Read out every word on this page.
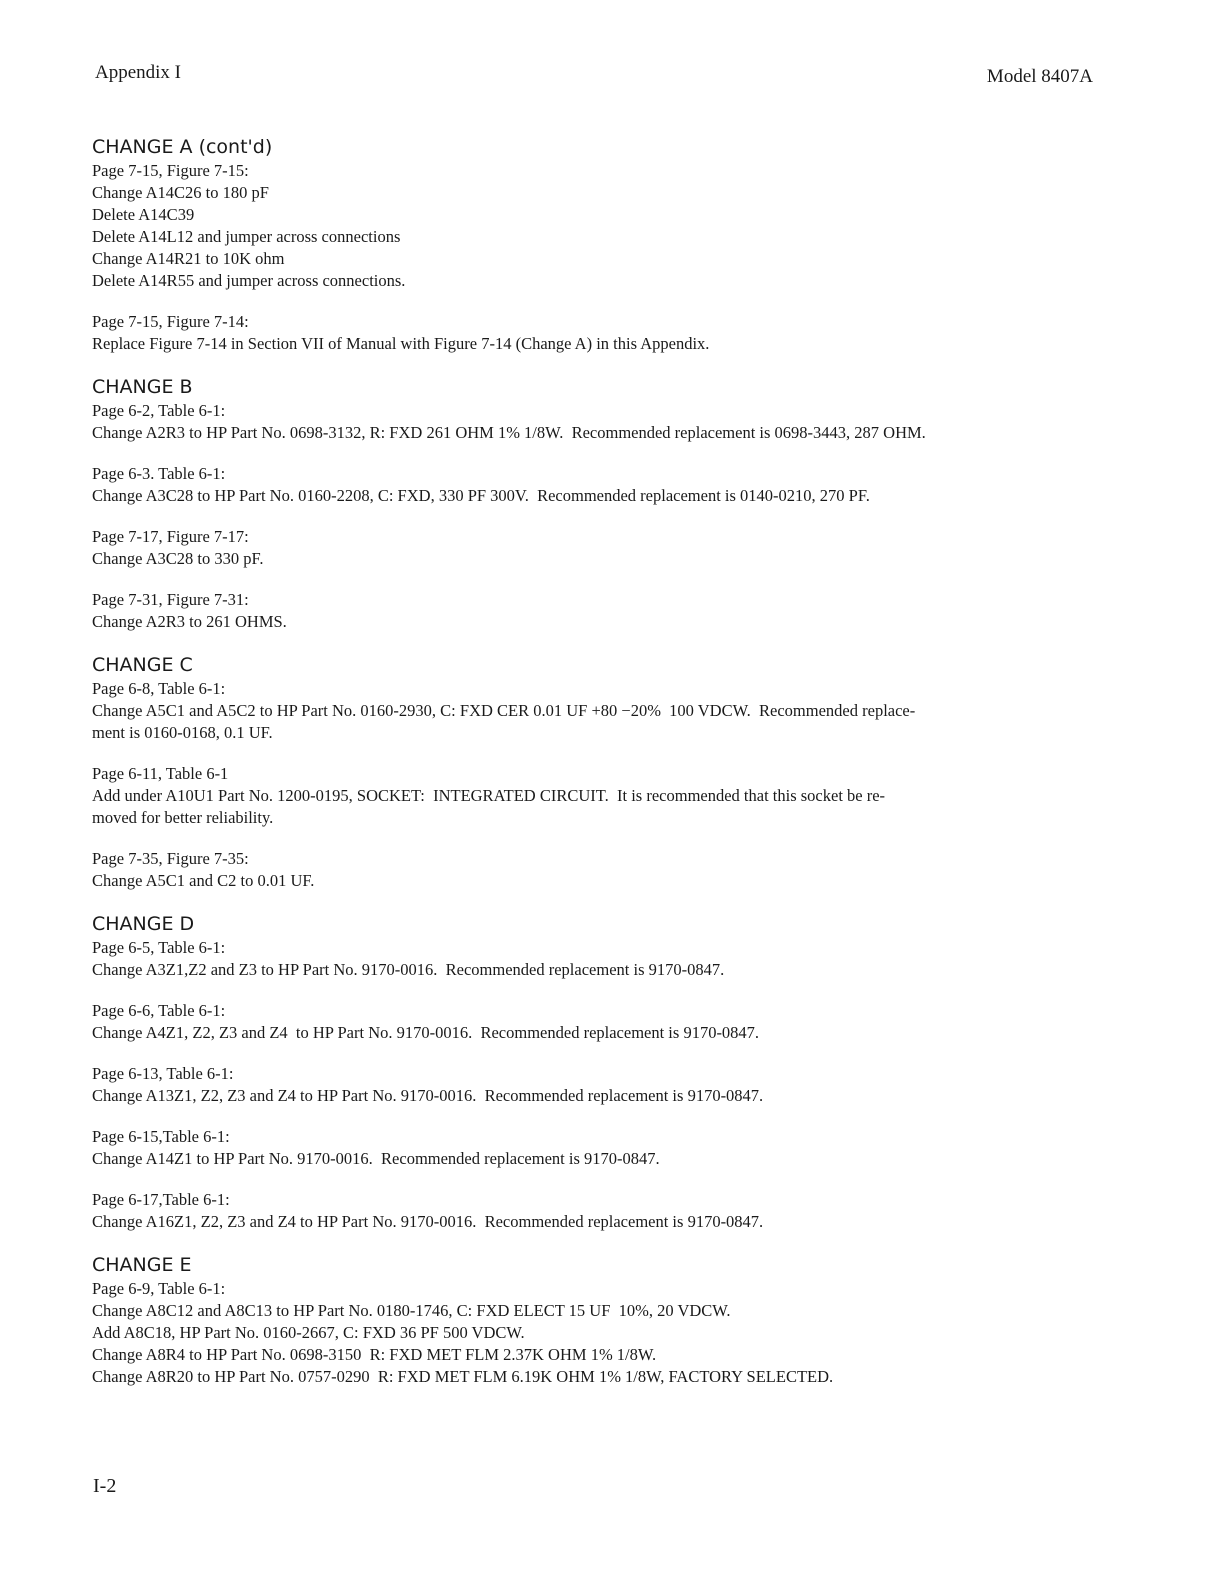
Appendix I	Model 8407A
CHANGE A (cont'd)

Page 7-15, Figure 7-15:

Change A14C26 to 180 pF

Delete A14C39

Delete A14L12 and jumper across connections

Change A14R21 to 10K ohm

Delete A14R55 and jumper across connections.

Page 7-15, Figure 7-14:

Replace Figure 7-14 in Section VII of Manual with Figure 7-14 (Change A) in this Appendix.

CHANGE B

Page 6-2, Table 6-1:

Change A2R3 to HP Part No. 0698-3132, R: FXD 261 OHM 1% 1/8W.  Recommended replacement is 0698-3443, 287 OHM.

Page 6-3. Table 6-1:

Change A3C28 to HP Part No. 0160-2208, C: FXD, 330 PF 300V.  Recommended replacement is 0140-0210, 270 PF.

Page 7-17, Figure 7-17:

Change A3C28 to 330 pF.

Page 7-31, Figure 7-31:

Change A2R3 to 261 OHMS.

CHANGE C

Page 6-8, Table 6-1:

Change A5C1 and A5C2 to HP Part No. 0160-2930, C: FXD CER 0.01 UF +80 −20%  100 VDCW.  Recommended replace-

ment is 0160-0168, 0.1 UF.

Page 6-11, Table 6-1

Add under A10U1 Part No. 1200-0195, SOCKET:  INTEGRATED CIRCUIT.  It is recommended that this socket be re-

moved for better reliability.

Page 7-35, Figure 7-35:

Change A5C1 and C2 to 0.01 UF.

CHANGE D

Page 6-5, Table 6-1:

Change A3Z1,Z2 and Z3 to HP Part No. 9170-0016.  Recommended replacement is 9170-0847.

Page 6-6, Table 6-1:

Change A4Z1, Z2, Z3 and Z4  to HP Part No. 9170-0016.  Recommended replacement is 9170-0847.

Page 6-13, Table 6-1:

Change A13Z1, Z2, Z3 and Z4 to HP Part No. 9170-0016.  Recommended replacement is 9170-0847.

Page 6-15,Table 6-1:

Change A14Z1 to HP Part No. 9170-0016.  Recommended replacement is 9170-0847.

Page 6-17,Table 6-1:

Change A16Z1, Z2, Z3 and Z4 to HP Part No. 9170-0016.  Recommended replacement is 9170-0847.

CHANGE E

Page 6-9, Table 6-1:

Change A8C12 and A8C13 to HP Part No. 0180-1746, C: FXD ELECT 15 UF  10%, 20 VDCW.

Add A8C18, HP Part No. 0160-2667, C: FXD 36 PF 500 VDCW.

Change A8R4 to HP Part No. 0698-3150  R: FXD MET FLM 2.37K OHM 1% 1/8W.

Change A8R20 to HP Part No. 0757-0290  R: FXD MET FLM 6.19K OHM 1% 1/8W, FACTORY SELECTED.

I-2
